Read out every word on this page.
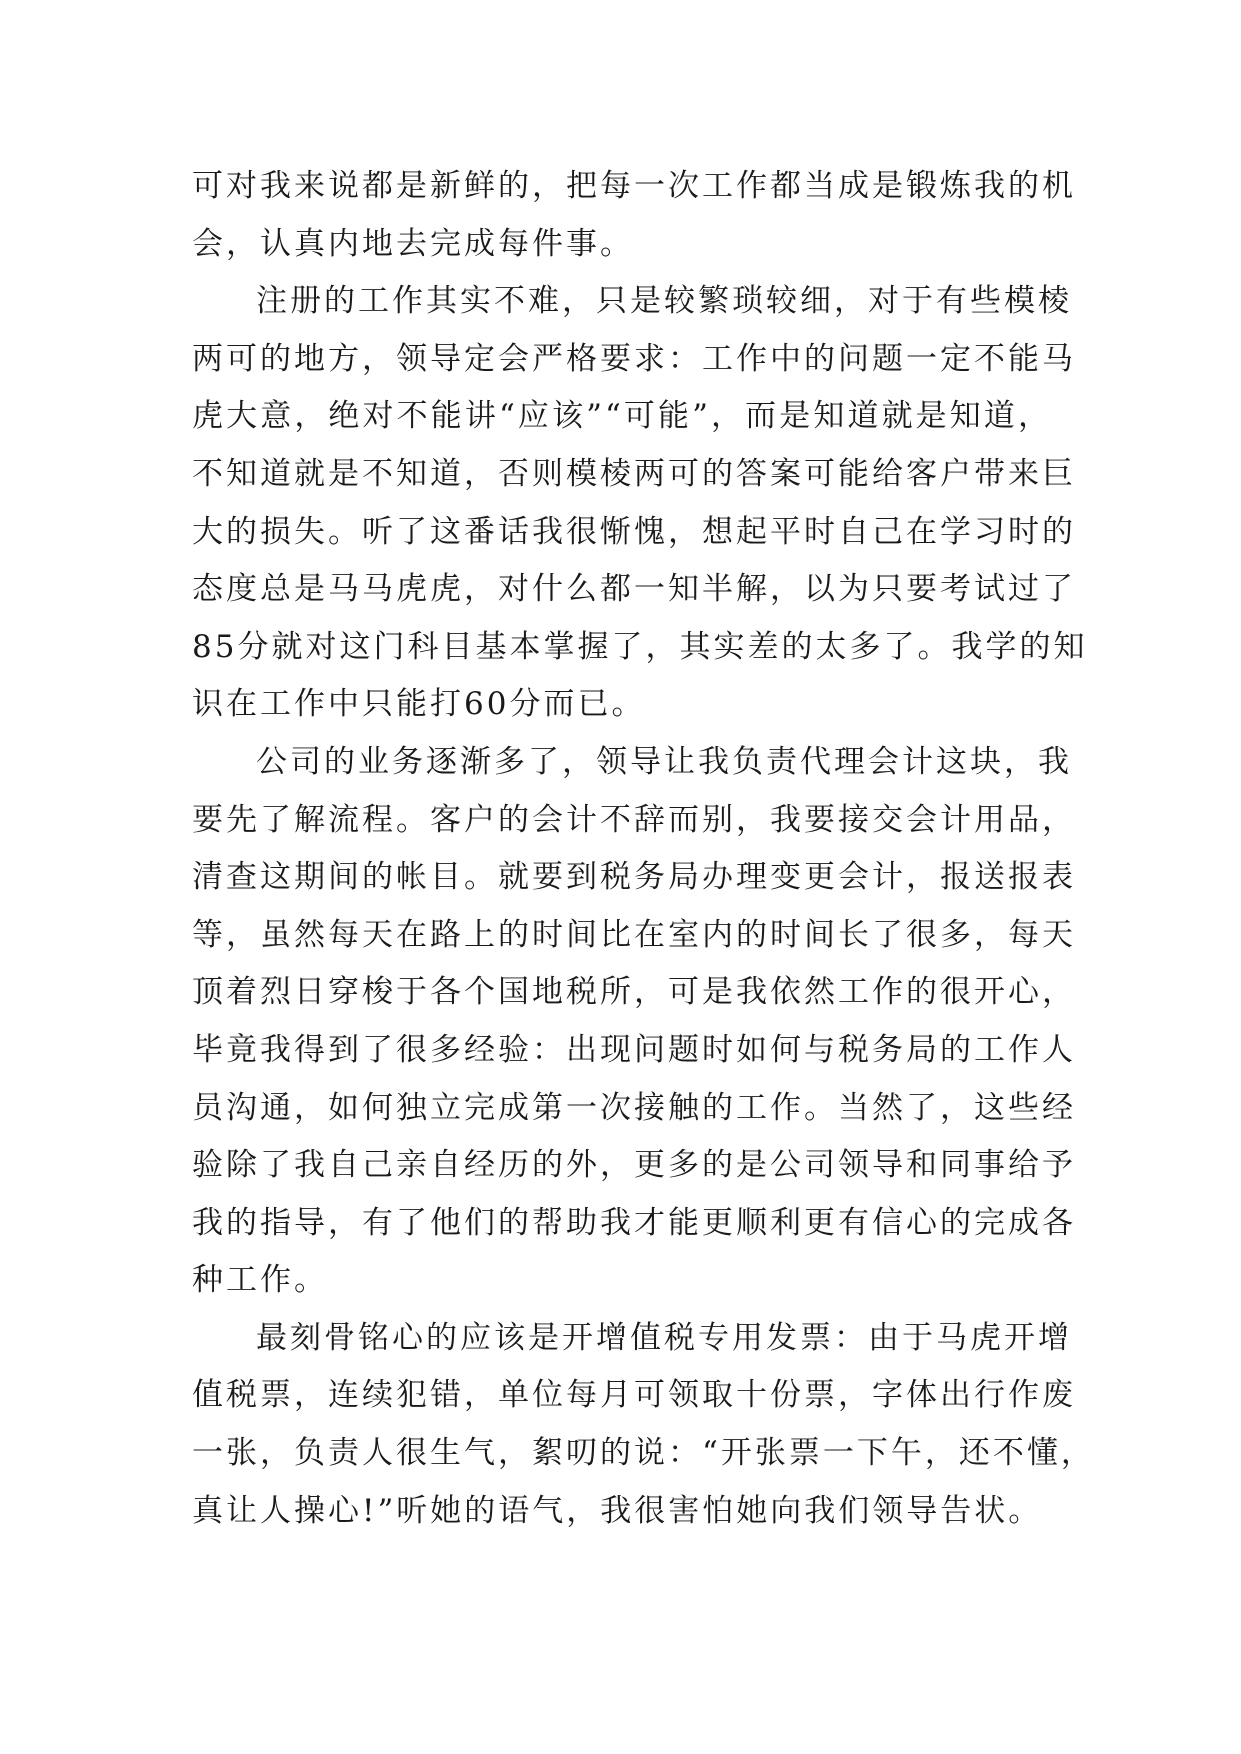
可对我来说都是新鲜的，把每一次工作都当成是锻炼我的机
会，认真内地去完成每件事。
注册的工作其实不难，只是较繁琐较细，对于有些模棱
两可的地方，领导定会严格要求：工作中的问题一定不能马
虎大意，绝对不能讲“应该”“可能”，而是知道就是知道，
不知道就是不知道，否则模棱两可的答案可能给客户带来巨
大的损失。听了这番话我很惭愧，想起平时自己在学习时的
态度总是马马虎虎，对什么都一知半解，以为只要考试过了
85分就对这门科目基本掌握了，其实差的太多了。我学的知
识在工作中只能打60分而已。
公司的业务逐渐多了，领导让我负责代理会计这块，我
要先了解流程。客户的会计不辞而别，我要接交会计用品，
清查这期间的帐目。就要到税务局办理变更会计，报送报表
等，虽然每天在路上的时间比在室内的时间长了很多，每天
顶着烈日穿梭于各个国地税所，可是我依然工作的很开心，
毕竟我得到了很多经验：出现问题时如何与税务局的工作人
员沟通，如何独立完成第一次接触的工作。当然了，这些经
验除了我自己亲自经历的外，更多的是公司领导和同事给予
我的指导，有了他们的帮助我才能更顺利更有信心的完成各
种工作。
最刻骨铭心的应该是开增值税专用发票：由于马虎开增
值税票，连续犯错，单位每月可领取十份票，字体出行作废
一张，负责人很生气，絮叨的说：“开张票一下午，还不懂，
真让人操心!”听她的语气，我很害怕她向我们领导告状。
